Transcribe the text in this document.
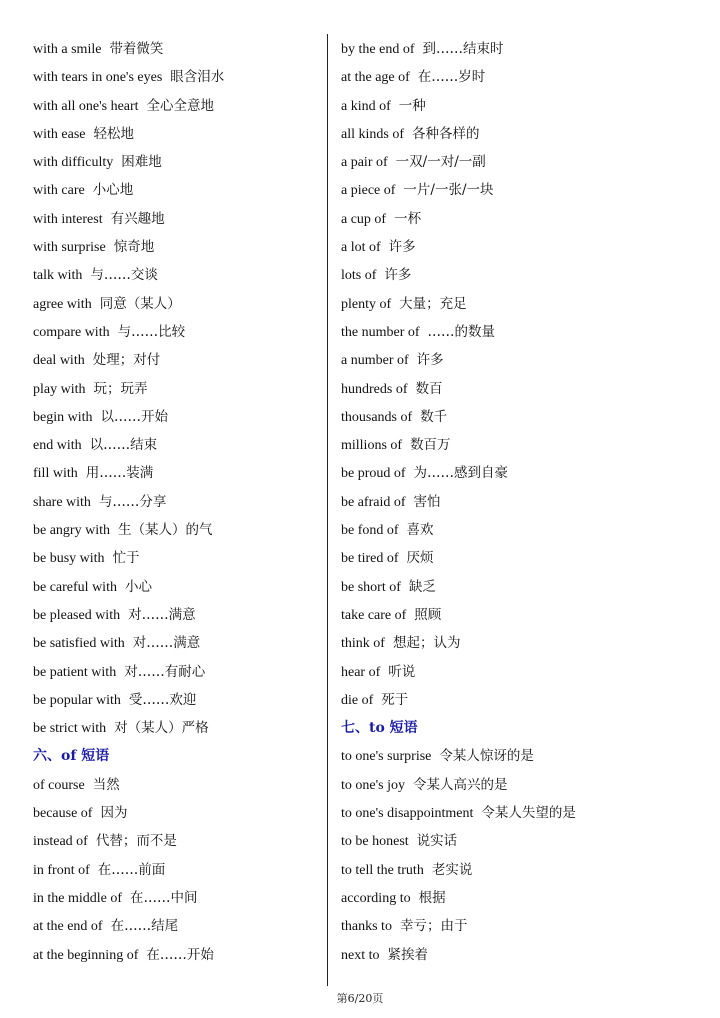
with a smile 带着微笑
with tears in one's eyes 眼含泪水
with all one's heart 全心全意地
with ease 轻松地
with difficulty 困难地
with care 小心地
with interest 有兴趣地
with surprise 惊奇地
talk with 与……交谈
agree with 同意（某人）
compare with 与……比较
deal with 处理；对付
play with 玩；玩弄
begin with 以……开始
end with 以……结束
fill with 用……装满
share with 与……分享
be angry with 生（某人）的气
be busy with 忙于
be careful with 小心
be pleased with 对……满意
be satisfied with 对……满意
be patient with 对……有耐心
be popular with 受……欢迎
be strict with 对（某人）严格
六、of 短语
of course 当然
because of 因为
instead of 代替；而不是
in front of 在……前面
in the middle of 在……中间
at the end of 在……结尾
at the beginning of 在……开始
by the end of 到……结束时
at the age of 在……岁时
a kind of 一种
all kinds of 各种各样的
a pair of 一双/一对/一副
a piece of 一片/一张/一块
a cup of 一杯
a lot of 许多
lots of 许多
plenty of 大量；充足
the number of ……的数量
a number of 许多
hundreds of 数百
thousands of 数千
millions of 数百万
be proud of 为……感到自豪
be afraid of 害怕
be fond of 喜欢
be tired of 厌烦
be short of 缺乏
take care of 照顾
think of 想起；认为
hear of 听说
die of 死于
七、to 短语
to one's surprise 令某人惊讶的是
to one's joy 令某人高兴的是
to one's disappointment 令某人失望的是
to be honest 说实话
to tell the truth 老实说
according to 根据
thanks to 幸亏；由于
next to 紧挨着
第6/20页
